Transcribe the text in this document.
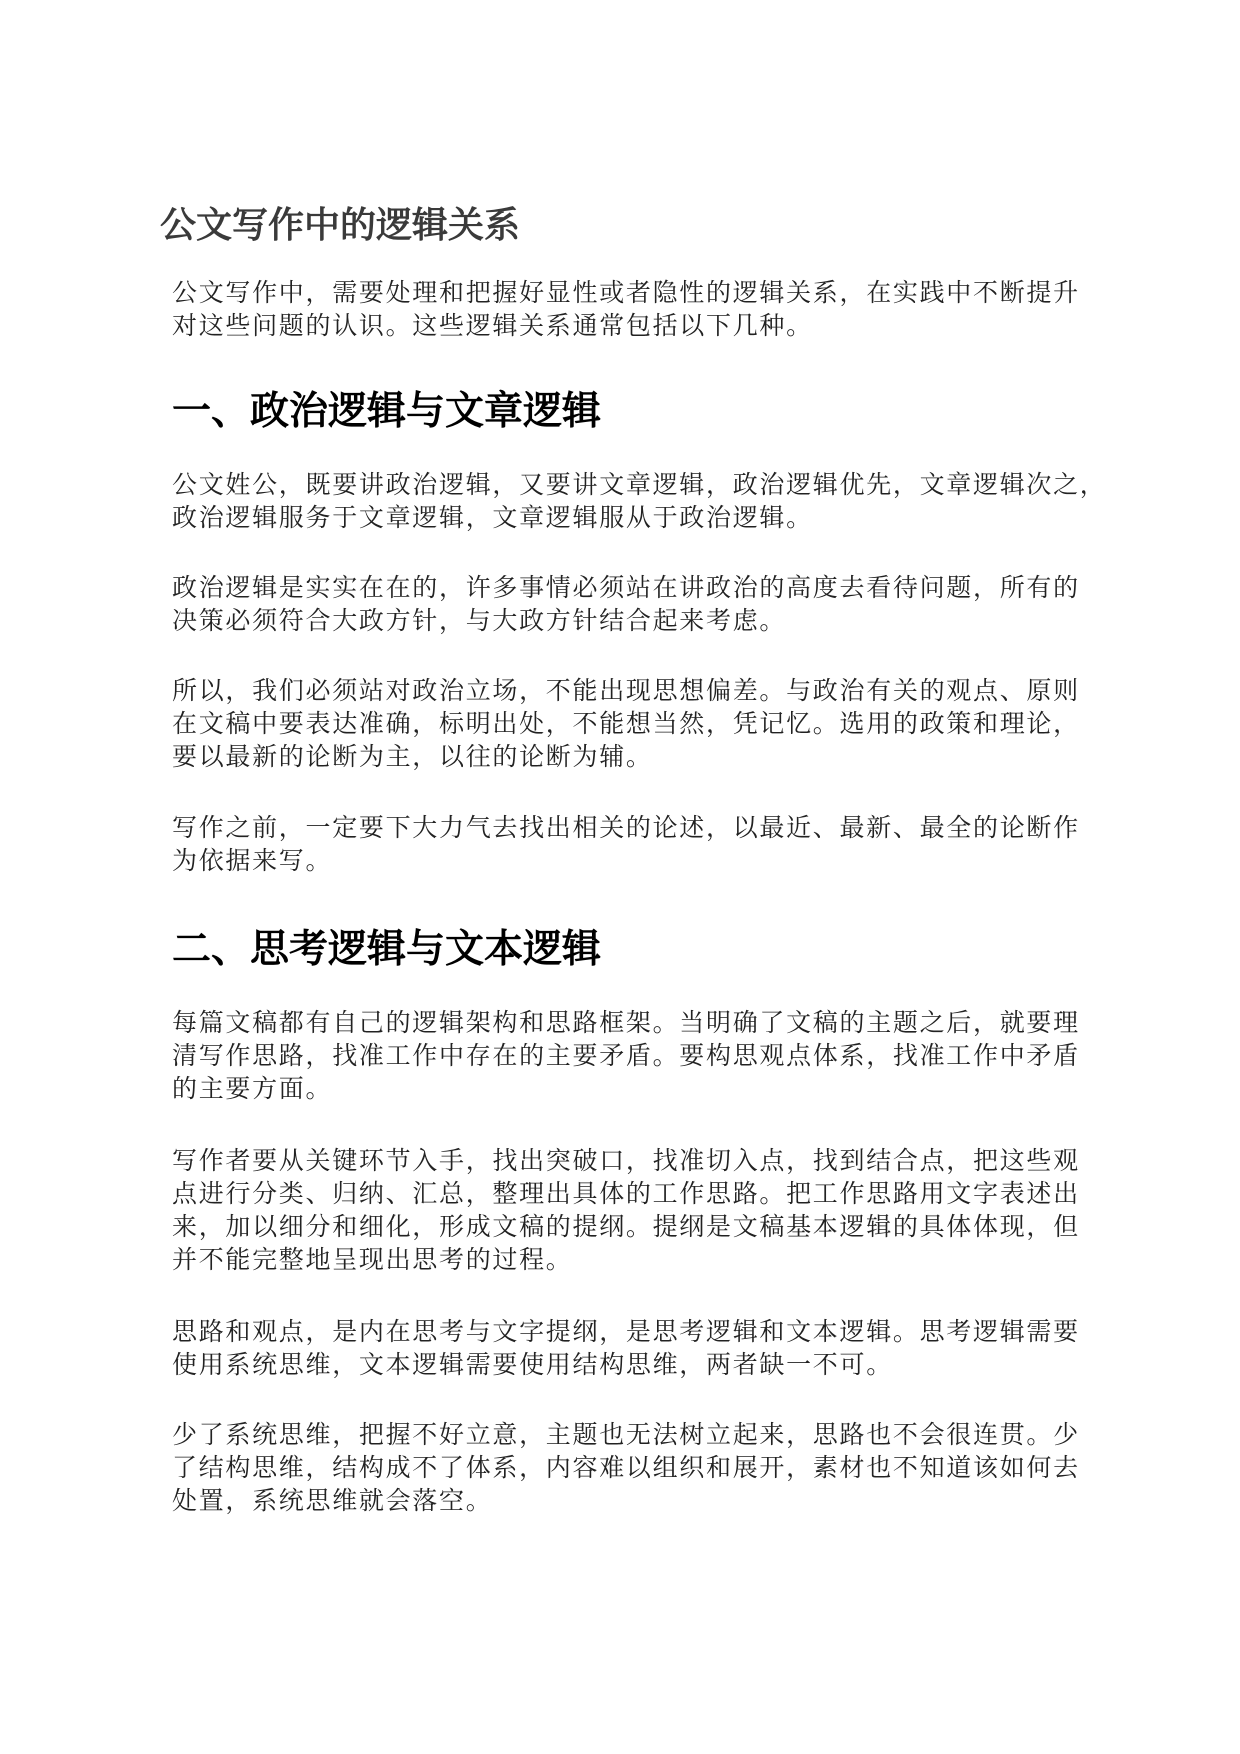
公文写作中的逻辑关系

公文写作中，需要处理和把握好显性或者隐性的逻辑关系，在实践中不断提升
对这些问题的认识。这些逻辑关系通常包括以下几种。

一、政治逻辑与文章逻辑

公文姓公，既要讲政治逻辑，又要讲文章逻辑，政治逻辑优先，文章逻辑次之，
政治逻辑服务于文章逻辑，文章逻辑服从于政治逻辑。

政治逻辑是实实在在的，许多事情必须站在讲政治的高度去看待问题，所有的
决策必须符合大政方针，与大政方针结合起来考虑。

所以，我们必须站对政治立场，不能出现思想偏差。与政治有关的观点、原则
在文稿中要表达准确，标明出处，不能想当然，凭记忆。选用的政策和理论，
要以最新的论断为主，以往的论断为辅。

写作之前，一定要下大力气去找出相关的论述，以最近、最新、最全的论断作
为依据来写。

二、思考逻辑与文本逻辑

每篇文稿都有自己的逻辑架构和思路框架。当明确了文稿的主题之后，就要理
清写作思路，找准工作中存在的主要矛盾。要构思观点体系，找准工作中矛盾
的主要方面。

写作者要从关键环节入手，找出突破口，找准切入点，找到结合点，把这些观
点进行分类、归纳、汇总，整理出具体的工作思路。把工作思路用文字表述出
来，加以细分和细化，形成文稿的提纲。提纲是文稿基本逻辑的具体体现，但
并不能完整地呈现出思考的过程。

思路和观点，是内在思考与文字提纲，是思考逻辑和文本逻辑。思考逻辑需要
使用系统思维，文本逻辑需要使用结构思维，两者缺一不可。

少了系统思维，把握不好立意，主题也无法树立起来，思路也不会很连贯。少
了结构思维，结构成不了体系，内容难以组织和展开，素材也不知道该如何去
处置，系统思维就会落空。
